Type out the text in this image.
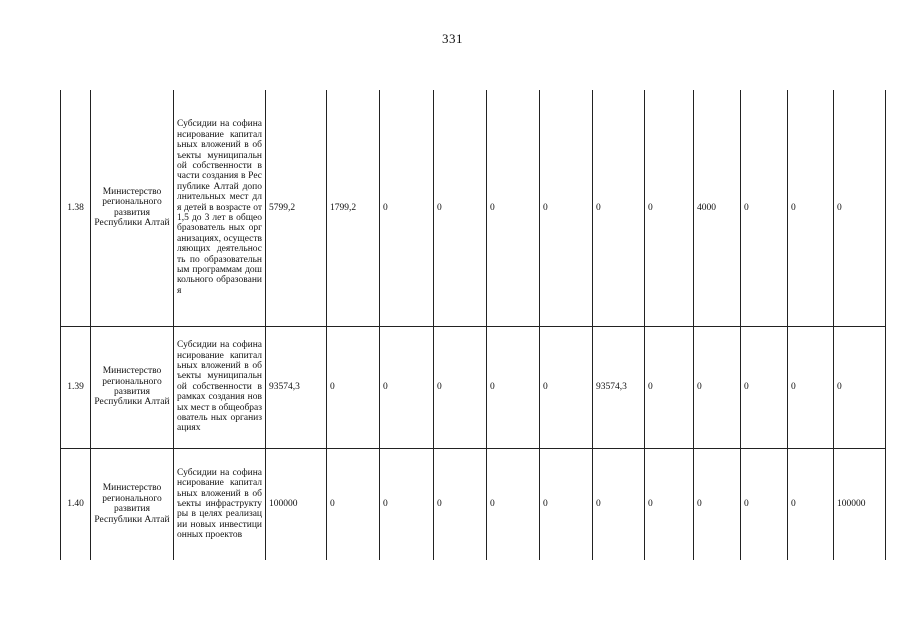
331
1.38	Министерство регионального развития Республики Алтай	Субсидии на софинансирование капитальных вложений в объекты муниципальной собственности в части создания в Республике Алтай дополнительных мест для детей в возрасте от 1,5 до 3 лет в общеобразователь ных организациях, осуществляющих деятельность по образовательным программам дошкольного образования	5799,2	1799,2	0	0	0	0	0	0	4000	0	0	0
1.39	Министерство регионального развития Республики Алтай	Субсидии на софинансирование капитальных вложений в объекты муниципальной собственности в рамках создания новых мест в общеобразователь ных организациях	93574,3	0	0	0	0	0	93574,3	0	0	0	0	0
1.40	Министерство регионального развития Республики Алтай	Субсидии на софинансирование капитальных вложений в объекты инфраструктуры в целях реализации новых инвестиционных проектов	100000	0	0	0	0	0	0	0	0	0	0	100000
